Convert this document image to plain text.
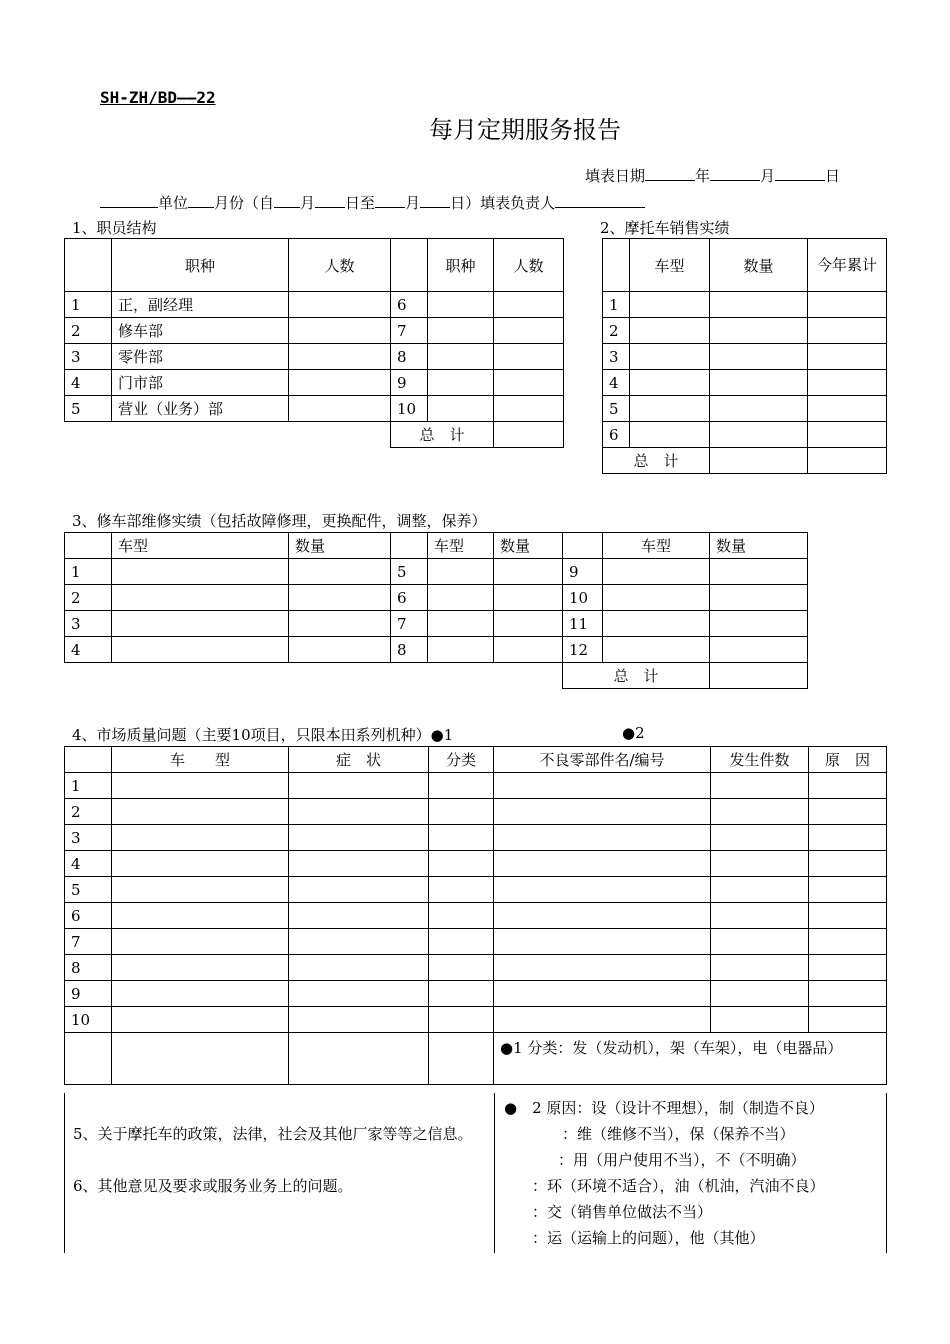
SH-ZH/BD——22
每月定期服务报告
填表日期	年	月	日
单位 月份（自 月 日至 月 日）填表负责人
1、职员结构
	职种	人数		职种	人数
1	正，副经理		6		
2	修车部		7		
3	零件部		8		
4	门市部		9		
5	营业（业务）部		10		
			总　计		
2、摩托车销售实绩
	车型	数量	今年累计
1			
2			
3			
4			
5			
6			
总　计			
3、修车部维修实绩（包括故障修理，更换配件，调整，保养）
	车型	数量		车型	数量		车型	数量
1			5			9		
2			6			10		
3			7			11		
4			8			12		
						总　计		
4、市场质量问题（主要10项目，只限本田系列机种）●1	●2
	车　　型	症　状	分类	不良零部件名/编号	发生件数	原　因
1						
2						
3						
4						
5						
6						
7						
8						
9						
10						
				●1 分类：发（发动机），架（车架），电（电器品）		
5、关于摩托车的政策，法律，社会及其他厂家等等之信息。
6、其他意见及要求或服务业务上的问题。
●　2 原因：设（设计不理想），制（制造不良）
：维（维修不当），保（保养不当）
：用（用户使用不当），不（不明确）
：环（环境不适合），油（机油，汽油不良）
：交（销售单位做法不当）
：运（运输上的问题），他（其他）
